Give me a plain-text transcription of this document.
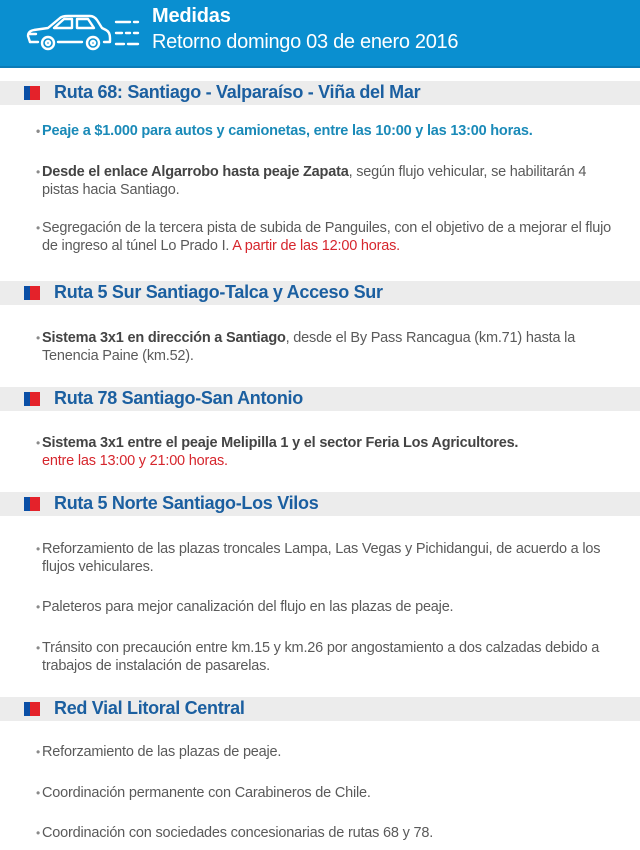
Medidas
Retorno domingo 03 de enero 2016
Ruta 68: Santiago - Valparaíso - Viña del Mar
• Peaje a $1.000 para autos y camionetas, entre las 10:00 y las 13:00 horas.
• Desde el enlace Algarrobo hasta peaje Zapata, según flujo vehicular, se habilitarán 4 pistas hacia Santiago.
• Segregación de la tercera pista de subida de Panguiles, con el objetivo de a mejorar el flujo de ingreso al túnel Lo Prado I. A partir de las 12:00 horas.
Ruta 5 Sur Santiago-Talca y Acceso Sur
• Sistema 3x1 en dirección a Santiago, desde el By Pass Rancagua (km.71) hasta la Tenencia Paine (km.52).
Ruta 78 Santiago-San Antonio
• Sistema 3x1 entre el peaje Melipilla 1 y el sector Feria Los Agricultores.
entre las 13:00 y 21:00 horas.
Ruta 5 Norte Santiago-Los Vilos
• Reforzamiento de las plazas troncales Lampa, Las Vegas y Pichidangui, de acuerdo a los flujos vehiculares.
• Paleteros para mejor canalización del flujo en las plazas de peaje.
• Tránsito con precaución entre km.15 y km.26 por angostamiento a dos calzadas debido a trabajos de instalación de pasarelas.
Red Vial Litoral Central
• Reforzamiento de las plazas de peaje.
• Coordinación permanente con Carabineros de Chile.
• Coordinación con sociedades concesionarias de rutas 68 y 78.
